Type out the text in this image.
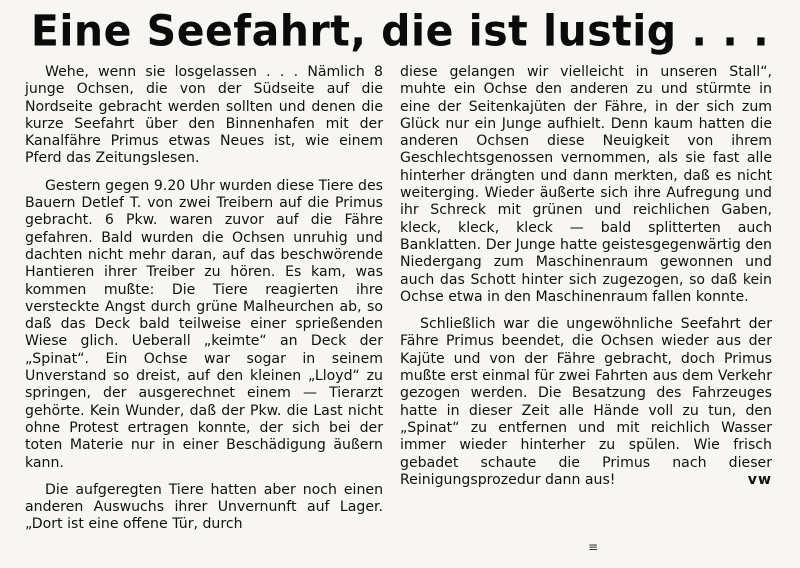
Eine Seefahrt, die ist lustig . . .

Wehe, wenn sie losgelassen . . . Nämlich 8 junge Ochsen, die von der Südseite auf die Nordseite gebracht werden sollten und denen die kurze Seefahrt über den Binnenhafen mit der Kanalfähre Primus etwas Neues ist, wie einem Pferd das Zeitungslesen.

Gestern gegen 9.20 Uhr wurden diese Tiere des Bauern Detlef T. von zwei Treibern auf die Primus gebracht. 6 Pkw. waren zuvor auf die Fähre gefahren. Bald wurden die Ochsen unruhig und dachten nicht mehr daran, auf das beschwörende Hantieren ihrer Treiber zu hören. Es kam, was kommen mußte: Die Tiere reagierten ihre versteckte Angst durch grüne Malheurchen ab, so daß das Deck bald teilweise einer sprießenden Wiese glich. Ueberall „keimte“ an Deck der „Spinat“. Ein Ochse war sogar in seinem Unverstand so dreist, auf den kleinen „Lloyd“ zu springen, der ausgerechnet einem — Tierarzt gehörte. Kein Wunder, daß der Pkw. die Last nicht ohne Protest ertragen konnte, der sich bei der toten Materie nur in einer Beschädigung äußern kann.

Die aufgeregten Tiere hatten aber noch einen anderen Auswuchs ihrer Unvernunft auf Lager. „Dort ist eine offene Tür, durch

diese gelangen wir vielleicht in unseren Stall“, muhte ein Ochse den anderen zu und stürmte in eine der Seitenkajüten der Fähre, in der sich zum Glück nur ein Junge aufhielt. Denn kaum hatten die anderen Ochsen diese Neuigkeit von ihrem Geschlechtsgenossen vernommen, als sie fast alle hinterher drängten und dann merkten, daß es nicht weiterging. Wieder äußerte sich ihre Aufregung und ihr Schreck mit grünen und reichlichen Gaben, kleck, kleck, kleck — bald splitterten auch Banklatten. Der Junge hatte geistesgegenwärtig den Niedergang zum Maschinenraum gewonnen und auch das Schott hinter sich zugezogen, so daß kein Ochse etwa in den Maschinenraum fallen konnte.

Schließlich war die ungewöhnliche Seefahrt der Fähre Primus beendet, die Ochsen wieder aus der Kajüte und von der Fähre gebracht, doch Primus mußte erst einmal für zwei Fahrten aus dem Verkehr gezogen werden. Die Besatzung des Fahrzeuges hatte in dieser Zeit alle Hände voll zu tun, den „Spinat“ zu entfernen und mit reichlich Wasser immer wieder hinterher zu spülen. Wie frisch gebadet schaute die Primus nach dieser Reinigungsprozedur dann aus!	vw

≡
